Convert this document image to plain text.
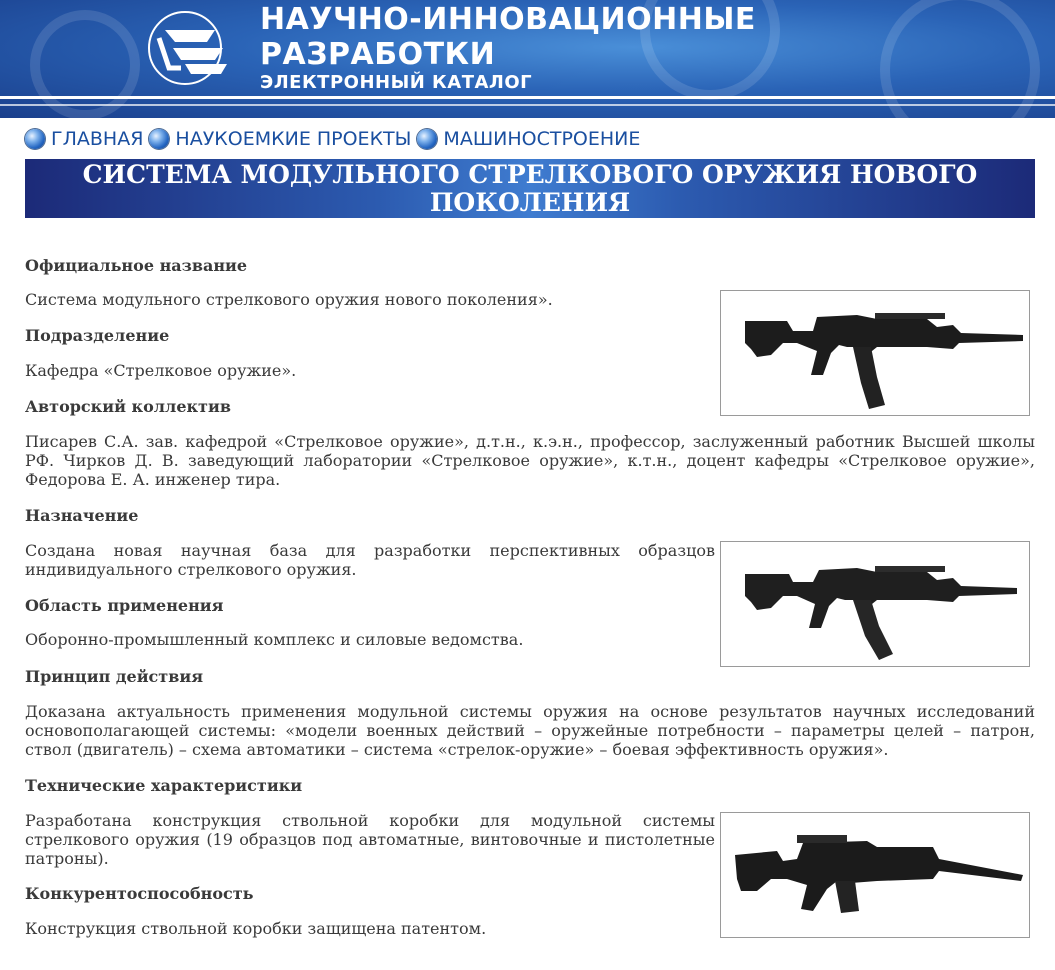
НАУЧНО-ИННОВАЦИОННЫЕ
РАЗРАБОТКИ
ЭЛЕКТРОННЫЙ КАТАЛОГ
ГЛАВНАЯ НАУКОЕМКИЕ ПРОЕКТЫ МАШИНОСТРОЕНИЕ
СИСТЕМА МОДУЛЬНОГО СТРЕЛКОВОГО ОРУЖИЯ НОВОГО
ПОКОЛЕНИЯ
Официальное название
Система модульного стрелкового оружия нового поколения».
Подразделение
Кафедра «Стрелковое оружие».
Авторский коллектив
Писарев С.А. зав. кафедрой «Стрелковое оружие», д.т.н., к.э.н., профессор, заслуженный работник Высшей школы РФ. Чирков Д. В. заведующий лаборатории «Стрелковое оружие», к.т.н., доцент кафедры «Стрелковое оружие», Федорова Е. А. инженер тира.
Назначение
Создана новая научная база для разработки перспективных образцов индивидуального стрелкового оружия.
Область применения
Оборонно-промышленный комплекс и силовые ведомства.
Принцип действия
Доказана актуальность применения модульной системы оружия на основе результатов научных исследований основополагающей системы: «модели военных действий – оружейные потребности – параметры целей – патрон, ствол (двигатель) – схема автоматики – система «стрелок-оружие» – боевая эффективность оружия».
Технические характеристики
Разработана конструкция ствольной коробки для модульной системы стрелкового оружия (19 образцов под автоматные, винтовочные и пистолетные патроны).
Конкурентоспособность
Конструкция ствольной коробки защищена патентом.
